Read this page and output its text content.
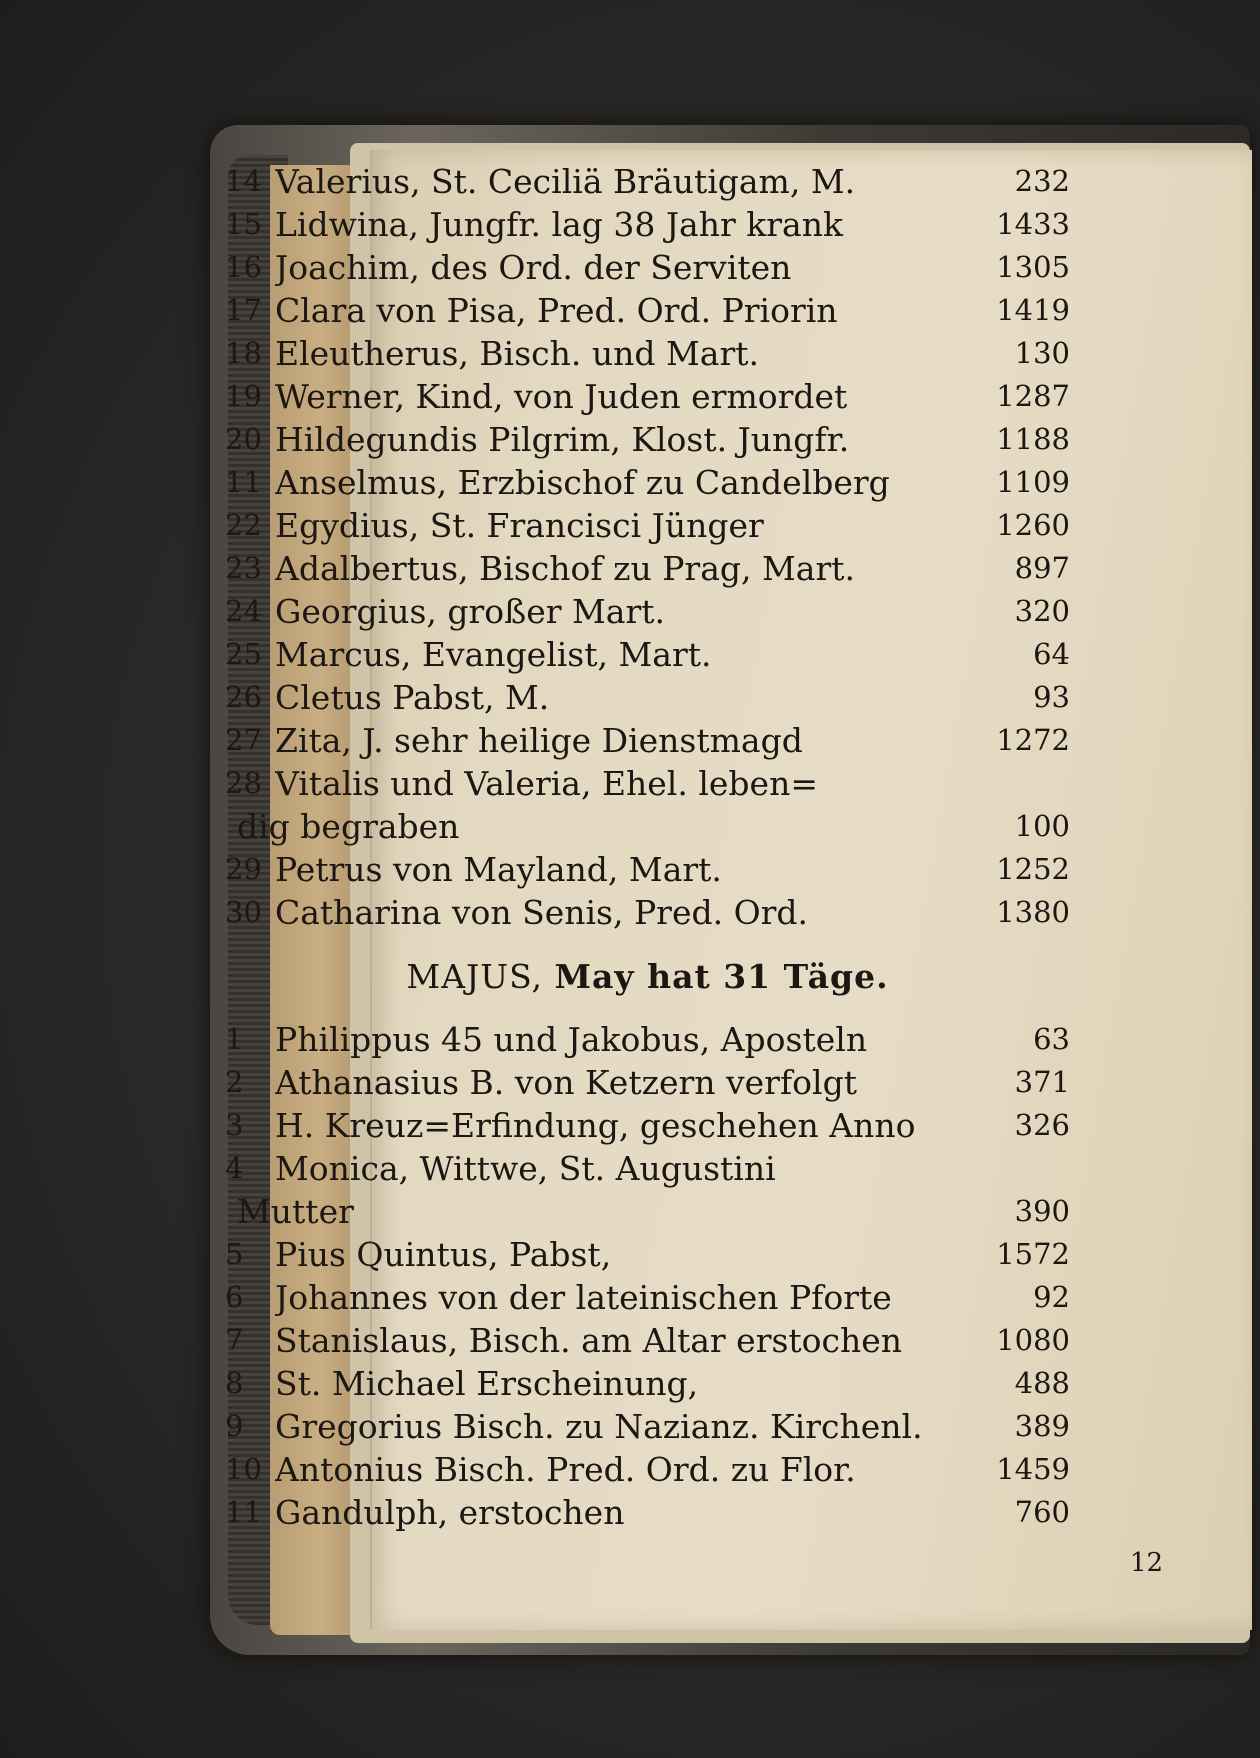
14 Valerius, St. Ceciliä Bräutigam, M.	232
15 Lidwina, Jungfr. lag 38 Jahr krank	1433
16 Joachim, des Ord. der Serviten	1305
17 Clara von Pisa, Pred. Ord. Priorin	1419
18 Eleutherus, Bisch. und Mart.	130
19 Werner, Kind, von Juden ermordet	1287
20 Hildegundis Pilgrim, Klost. Jungfr.	1188
11 Anselmus, Erzbischof zu Candelberg	1109
22 Egydius, St. Francisci Jünger	1260
23 Adalbertus, Bischof zu Prag, Mart.	897
24 Georgius, großer Mart.	320
25 Marcus, Evangelist, Mart.	64
26 Cletus Pabst, M.	93
27 Zita, J. sehr heilige Dienstmagd	1272
28 Vitalis und Valeria, Ehel. leben=
dig begraben	100
29 Petrus von Mayland, Mart.	1252
30 Catharina von Senis, Pred. Ord.	1380
MAJUS, May hat 31 Täge.
1 Philippus 45 und Jakobus, Aposteln	63
2 Athanasius B. von Ketzern verfolgt	371
3 H. Kreuz=Erfindung, geschehen Anno	326
4 Monica, Wittwe, St. Augustini
Mutter	390
5 Pius Quintus, Pabst,	1572
6 Johannes von der lateinischen Pforte	92
7 Stanislaus, Bisch. am Altar erstochen	1080
8 St. Michael Erscheinung,	488
9 Gregorius Bisch. zu Nazianz. Kirchenl.	389
10 Antonius Bisch. Pred. Ord. zu Flor.	1459
11 Gandulph, erstochen	760
12
